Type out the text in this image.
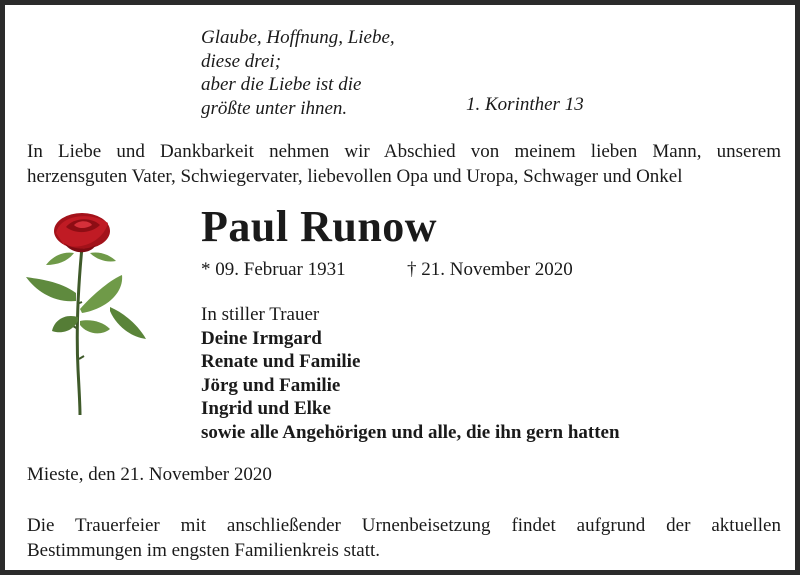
Glaube, Hoffnung, Liebe,
diese drei;
aber die Liebe ist die
größte unter ihnen.	1. Korinther 13
In Liebe und Dankbarkeit nehmen wir Abschied von meinem lieben Mann, unserem
herzensguten Vater, Schwiegervater, liebevollen Opa und Uropa, Schwager und Onkel
Paul Runow
* 09. Februar 1931	† 21. November 2020
In stiller Trauer
Deine Irmgard
Renate und Familie
Jörg und Familie
Ingrid und Elke
sowie alle Angehörigen und alle, die ihn gern hatten
Mieste, den 21. November 2020
Die Trauerfeier mit anschließender Urnenbeisetzung findet aufgrund der aktuellen
Bestimmungen im engsten Familienkreis statt.
